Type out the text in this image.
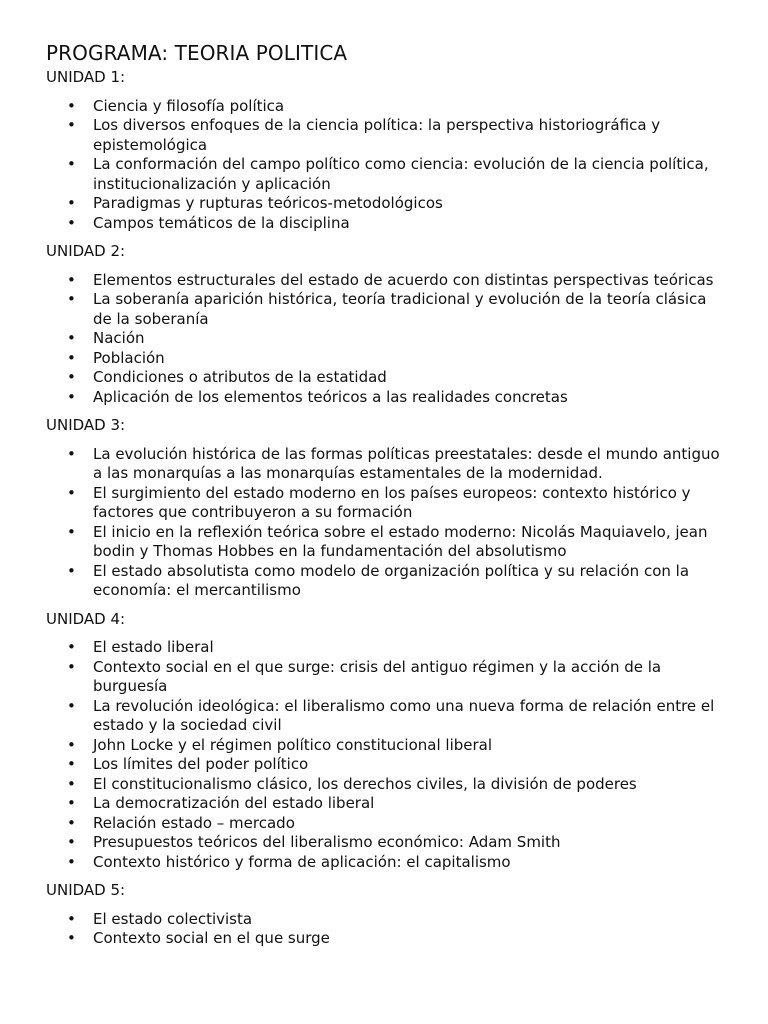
PROGRAMA: TEORIA POLITICA

UNIDAD 1:

• Ciencia y filosofía política
• Los diversos enfoques de la ciencia política: la perspectiva historiográfica y epistemológica
• La conformación del campo político como ciencia: evolución de la ciencia política, institucionalización y aplicación
• Paradigmas y rupturas teóricos-metodológicos
• Campos temáticos de la disciplina

UNIDAD 2:

• Elementos estructurales del estado de acuerdo con distintas perspectivas teóricas
• La soberanía aparición histórica, teoría tradicional y evolución de la teoría clásica de la soberanía
• Nación
• Población
• Condiciones o atributos de la estatidad
• Aplicación de los elementos teóricos a las realidades concretas

UNIDAD 3:

• La evolución histórica de las formas políticas preestatales: desde el mundo antiguo a las monarquías a las monarquías estamentales de la modernidad.
• El surgimiento del estado moderno en los países europeos: contexto histórico y factores que contribuyeron a su formación
• El inicio en la reflexión teórica sobre el estado moderno: Nicolás Maquiavelo, jean bodin y Thomas Hobbes en la fundamentación del absolutismo
• El estado absolutista como modelo de organización política y su relación con la economía: el mercantilismo

UNIDAD 4:

• El estado liberal
• Contexto social en el que surge: crisis del antiguo régimen y la acción de la burguesía
• La revolución ideológica: el liberalismo como una nueva forma de relación entre el estado y la sociedad civil
• John Locke y el régimen político constitucional liberal
• Los límites del poder político
• El constitucionalismo clásico, los derechos civiles, la división de poderes
• La democratización del estado liberal
• Relación estado – mercado
• Presupuestos teóricos del liberalismo económico: Adam Smith
• Contexto histórico y forma de aplicación: el capitalismo

UNIDAD 5:

• El estado colectivista
• Contexto social en el que surge
